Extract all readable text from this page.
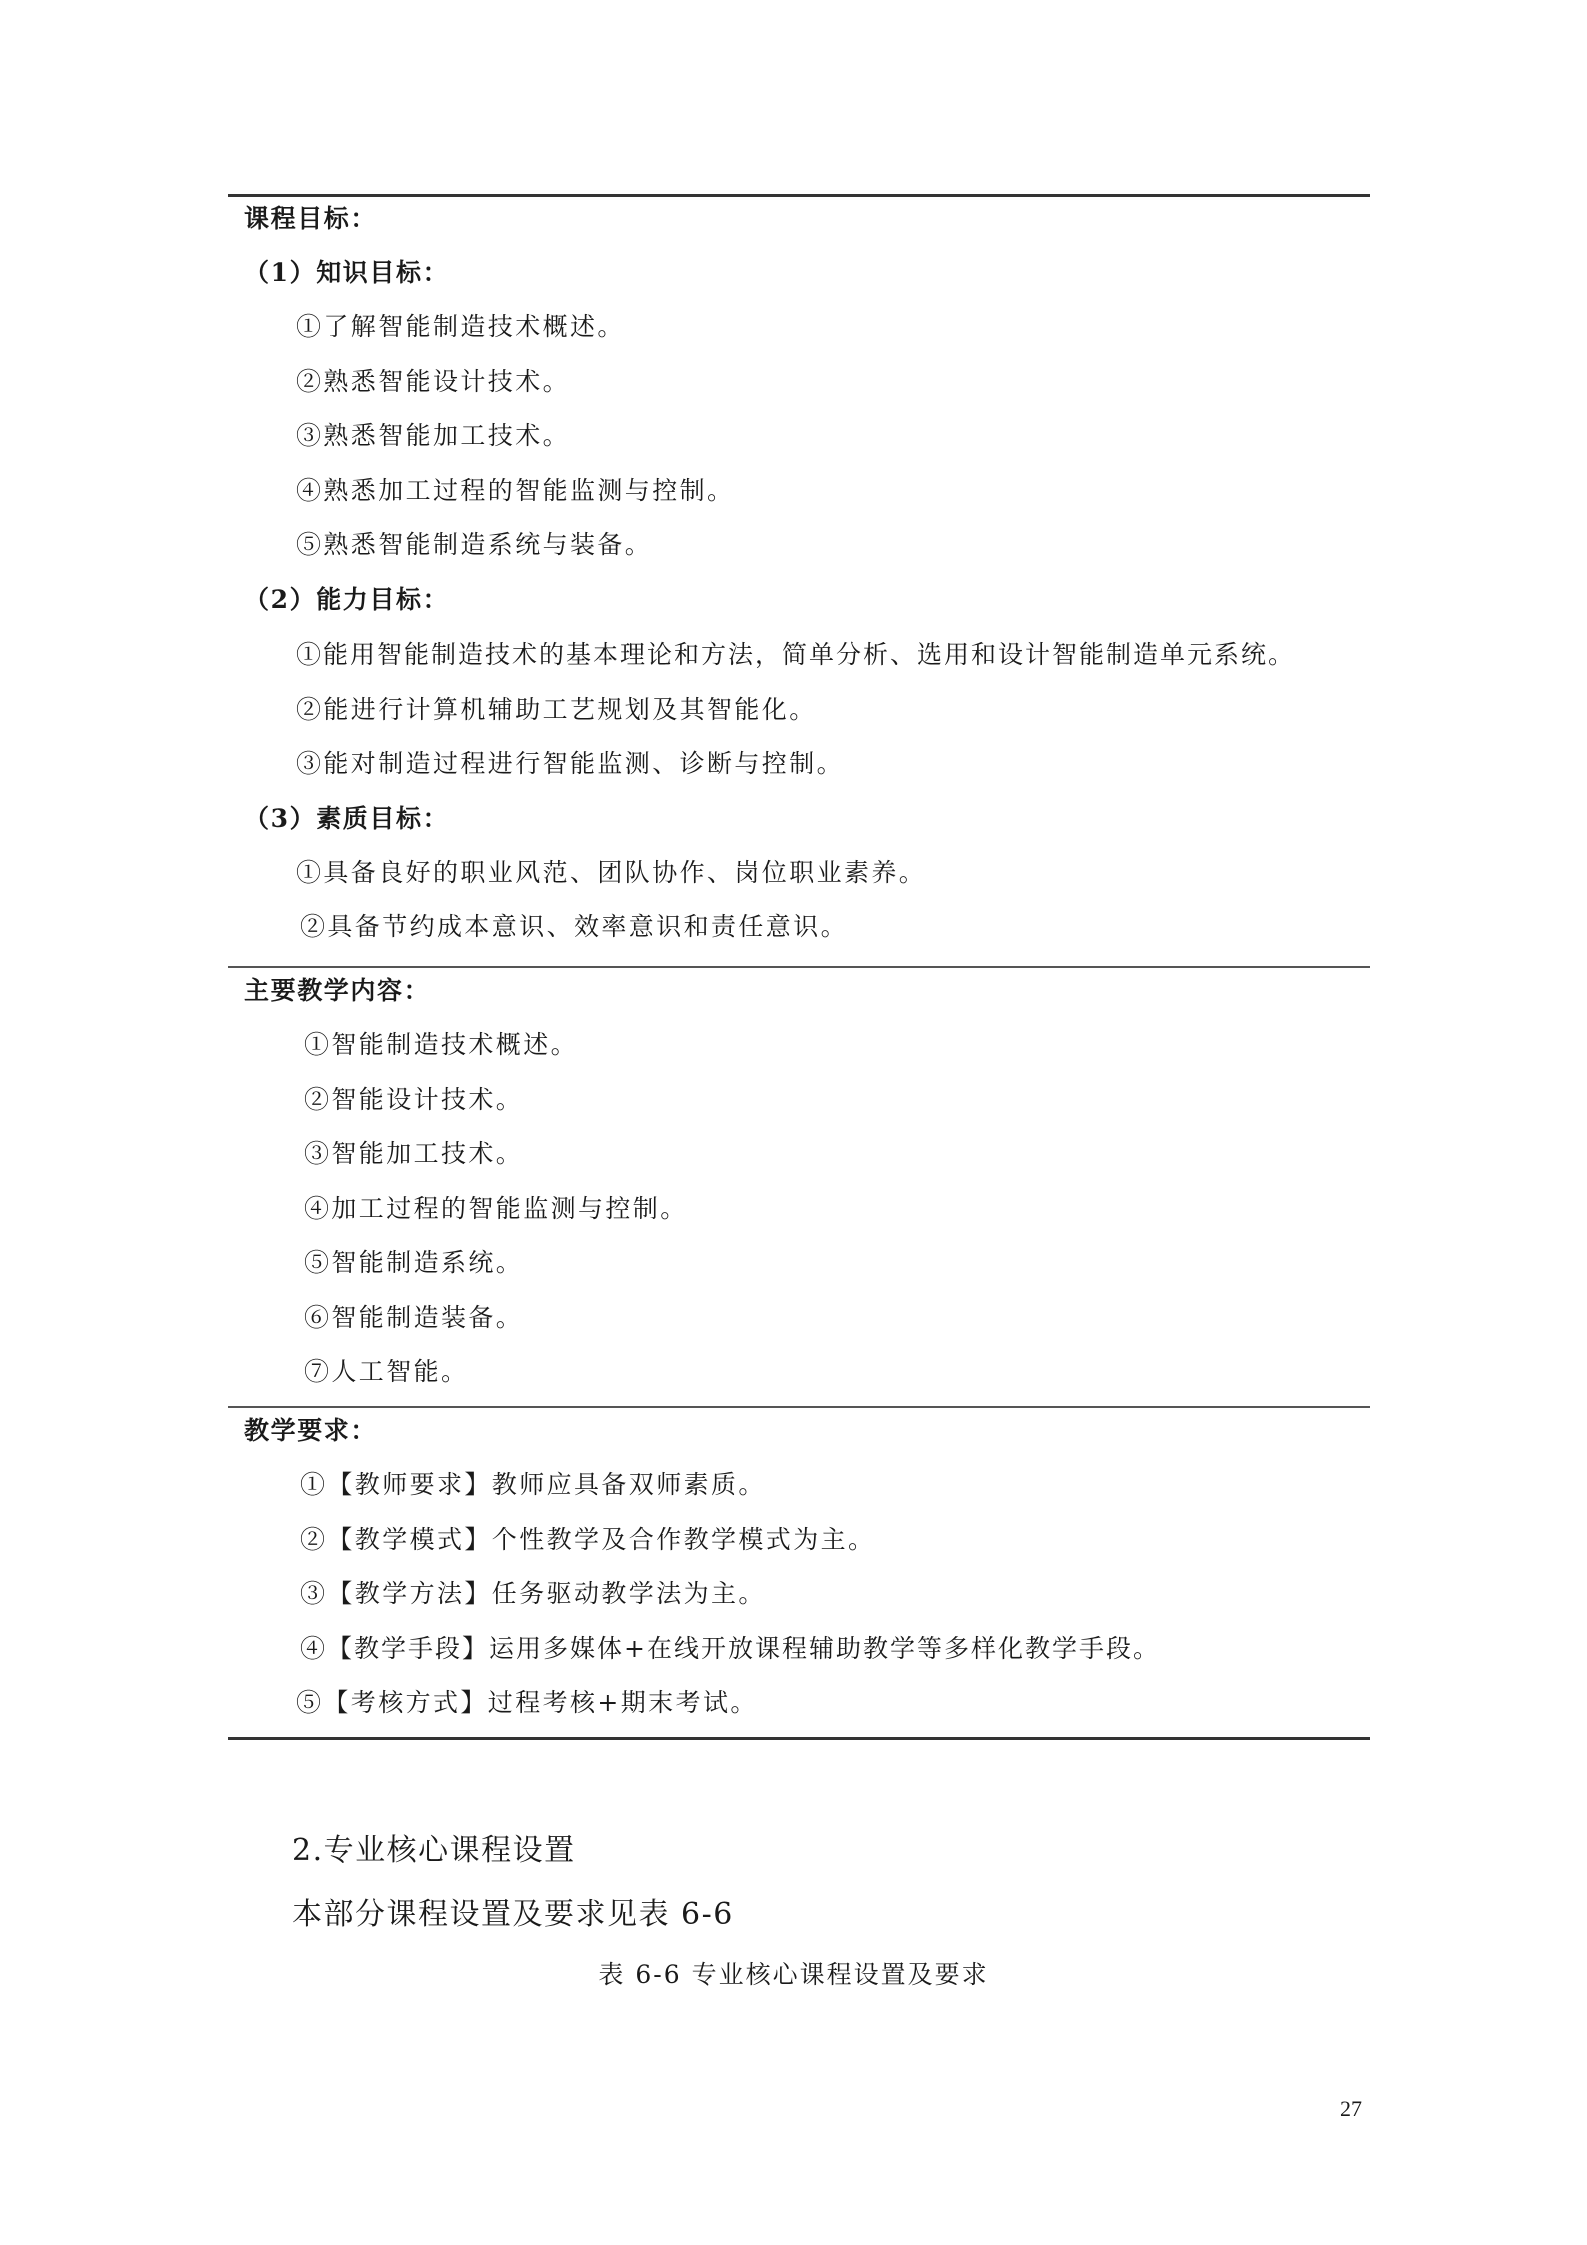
课程目标：
（1）知识目标：
①了解智能制造技术概述。
②熟悉智能设计技术。
③熟悉智能加工技术。
④熟悉加工过程的智能监测与控制。
⑤熟悉智能制造系统与装备。
（2）能力目标：
①能用智能制造技术的基本理论和方法，简单分析、选用和设计智能制造单元系统。
②能进行计算机辅助工艺规划及其智能化。
③能对制造过程进行智能监测、诊断与控制。
（3）素质目标：
①具备良好的职业风范、团队协作、岗位职业素养。
②具备节约成本意识、效率意识和责任意识。
主要教学内容：
①智能制造技术概述。
②智能设计技术。
③智能加工技术。
④加工过程的智能监测与控制。
⑤智能制造系统。
⑥智能制造装备。
⑦人工智能。
教学要求：
①【教师要求】教师应具备双师素质。
②【教学模式】个性教学及合作教学模式为主。
③【教学方法】任务驱动教学法为主。
④【教学手段】运用多媒体+在线开放课程辅助教学等多样化教学手段。
⑤【考核方式】过程考核+期末考试。
2.专业核心课程设置
本部分课程设置及要求见表 6-6
表 6-6 专业核心课程设置及要求
27
